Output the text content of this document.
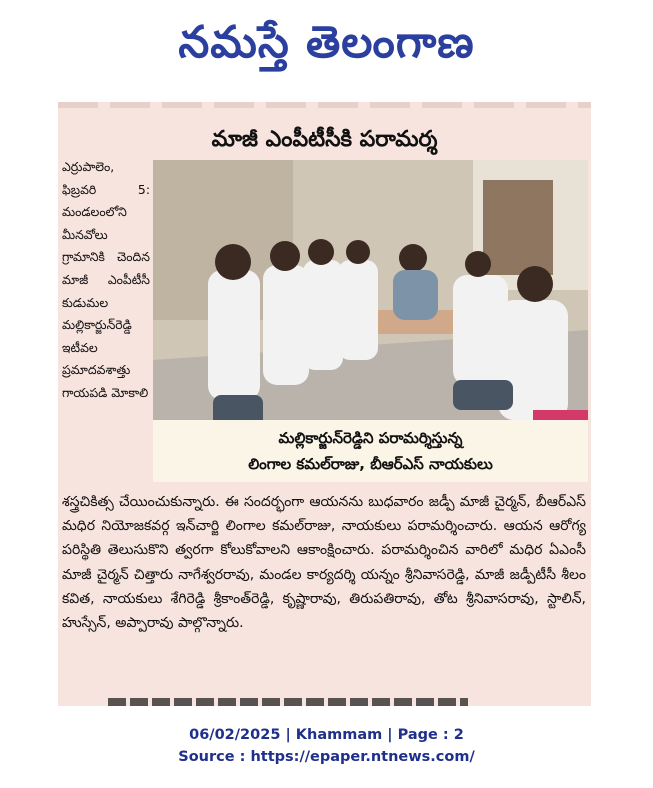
నమస్తే తెలంగాణ
మాజీ ఎంపీటీసీకి పరామర్శ
ఎర్రుపాలెం, ఫిబ్రవరి 5: మండలంలోని మీనవోలు గ్రామానికి చెందిన మాజీ ఎంపీటీసీ కుడుమల మల్లికార్జున్‌రెడ్డి ఇటీవల ప్రమాదవశాత్తు గాయపడి మోకాలి
మల్లికార్జున్‌రెడ్డిని పరామర్శిస్తున్న
లింగాల కమల్‌రాజు, బీఆర్‌ఎస్ నాయకులు
శస్త్రచికిత్స చేయించుకున్నారు. ఈ సందర్భంగా ఆయనను బుధవారం జడ్పీ మాజీ చైర్మన్, బీఆర్‌ఎస్ మధిర నియోజకవర్గ ఇన్‌చార్జి లింగాల కమల్‌రాజు, నాయకులు పరామర్శించారు. ఆయన ఆరోగ్య పరిస్థితి తెలుసుకొని త్వరగా కోలుకోవాలని ఆకాంక్షించారు. పరామర్శించిన వారిలో మధిర ఏఎంసీ మాజీ చైర్మన్ చిత్తారు నాగేశ్వరరావు, మండల కార్యదర్శి యన్నం శ్రీనివాసరెడ్డి, మాజీ జడ్పీటీసీ శీలం కవిత, నాయకులు శేగిరెడ్డి శ్రీకాంత్‌రెడ్డి, కృష్ణారావు, తిరుపతిరావు, తోట శ్రీనివాసరావు, స్టాలిన్, హుస్సేన్, అప్పారావు పాల్గొన్నారు.
06/02/2025 | Khammam | Page : 2
Source : https://epaper.ntnews.com/
